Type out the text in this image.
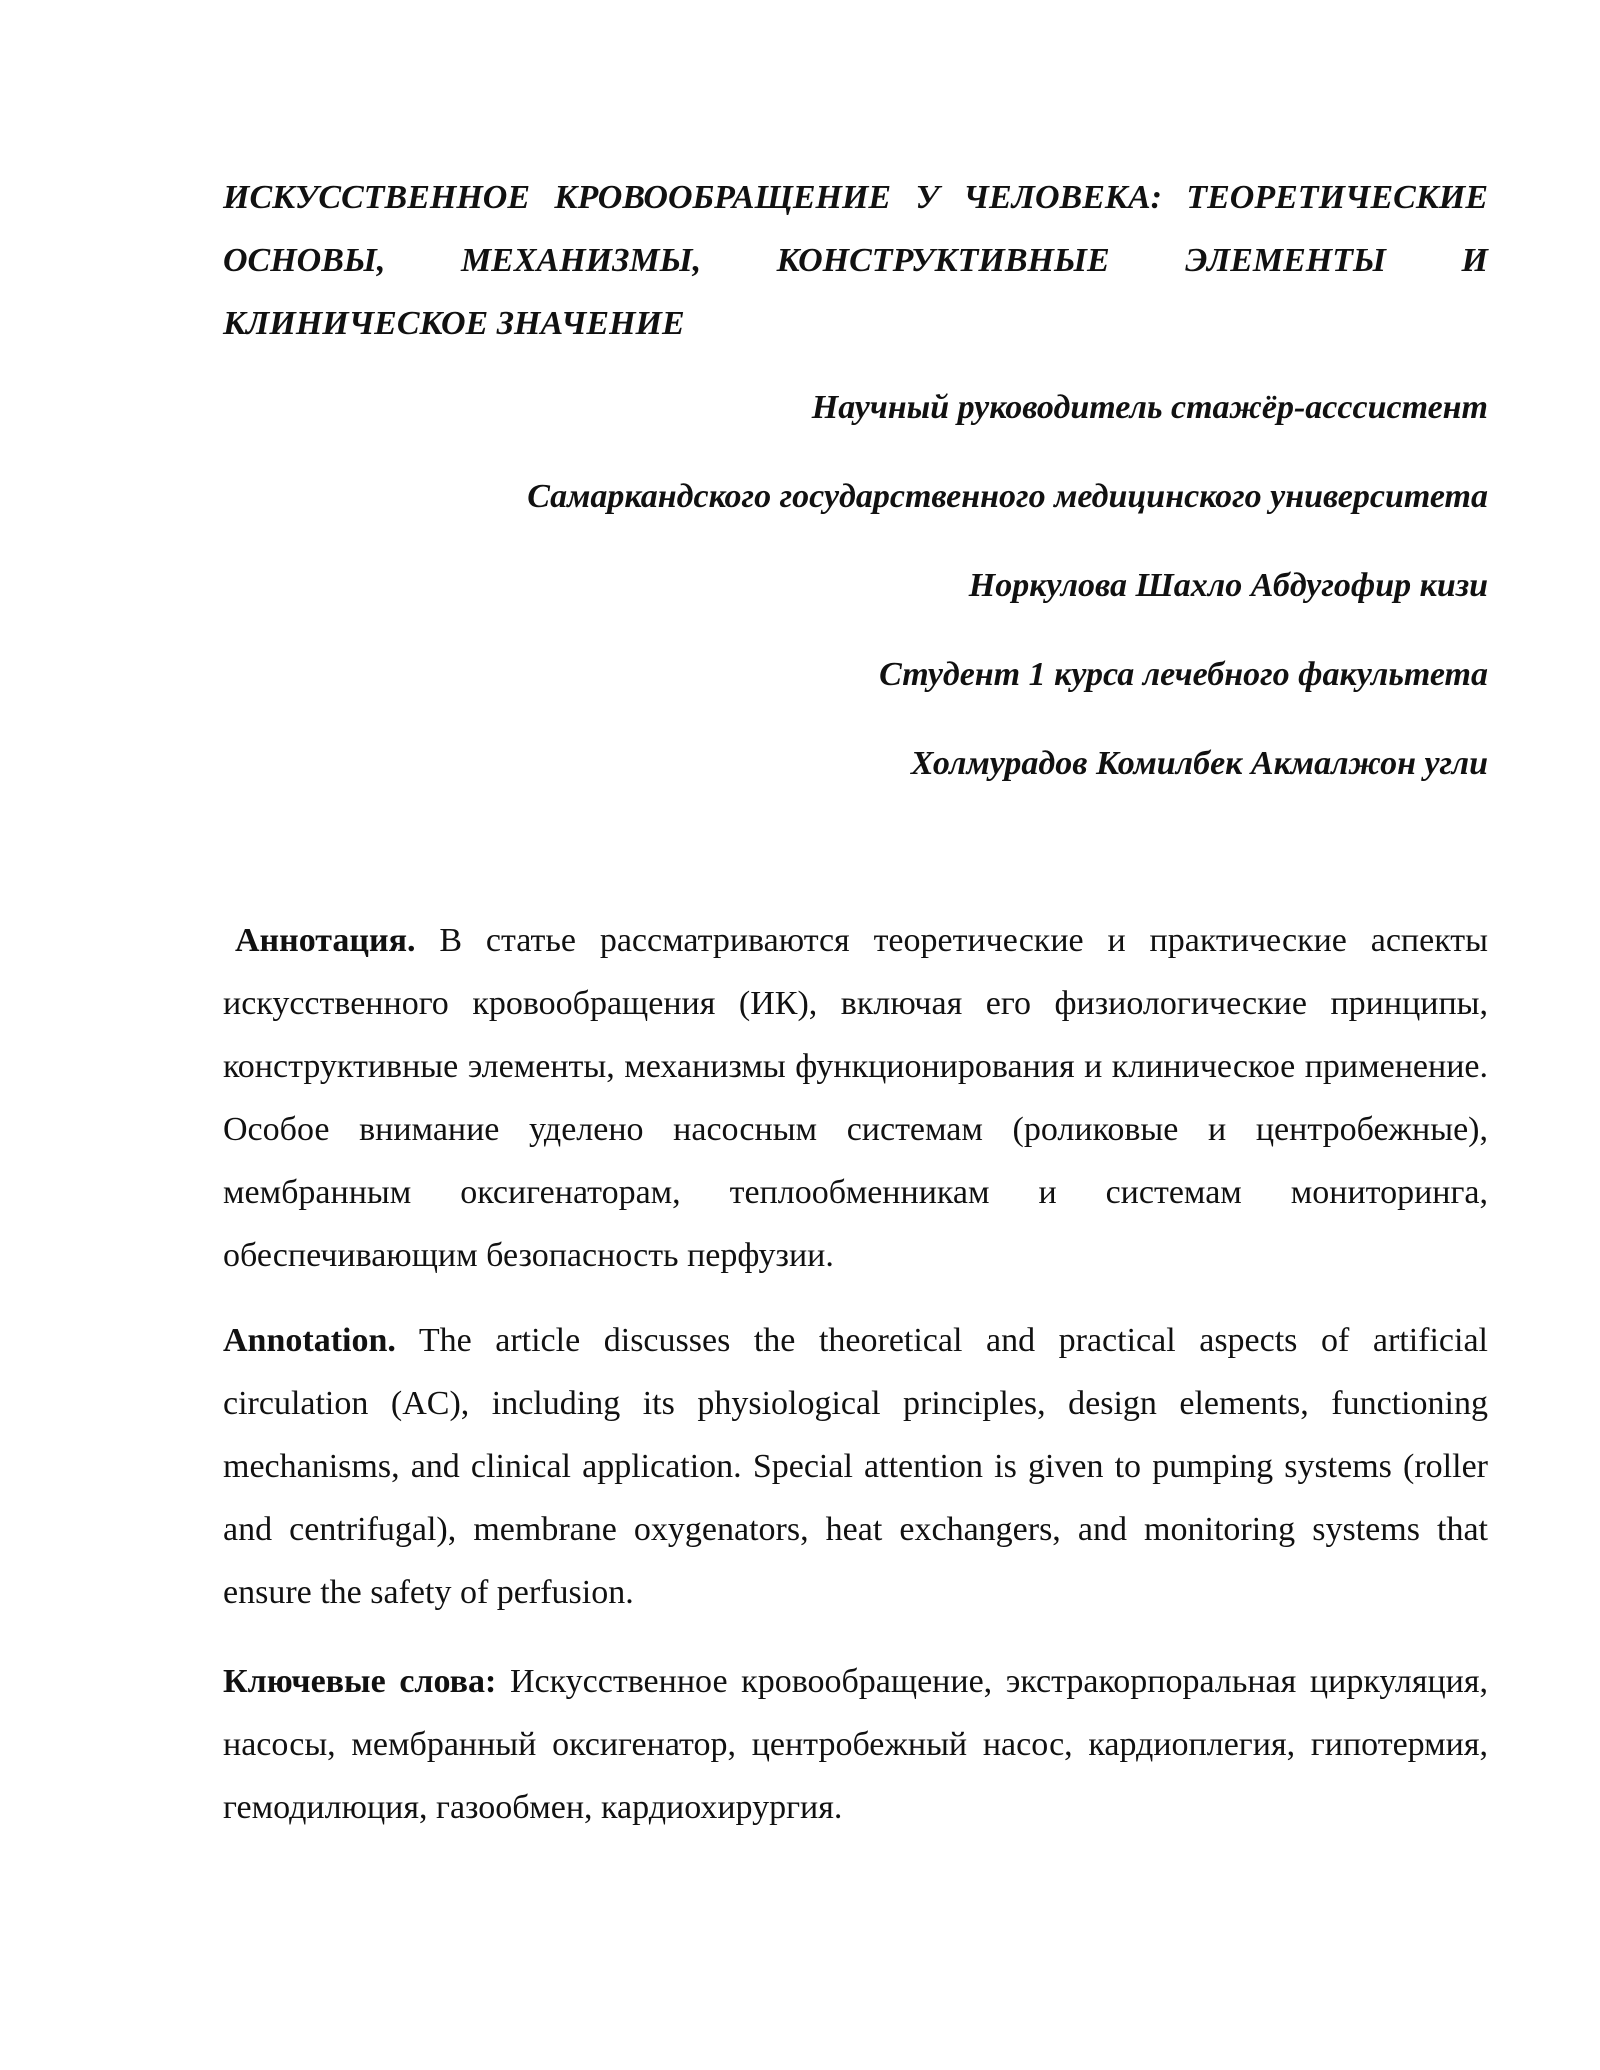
ИСКУССТВЕННОЕ КРОВООБРАЩЕНИЕ У ЧЕЛОВЕКА: ТЕОРЕТИЧЕСКИЕ ОСНОВЫ, МЕХАНИЗМЫ, КОНСТРУКТИВНЫЕ ЭЛЕМЕНТЫ И КЛИНИЧЕСКОЕ ЗНАЧЕНИЕ

Научный руководитель стажёр-асссистент
Самаркандского государственного медицинского университета
Норкулова Шахло Абдугофир кизи
Студент 1 курса лечебного факультета
Холмурадов Комилбек Акмалжон угли

Аннотация. В статье рассматриваются теоретические и практические аспекты искусственного кровообращения (ИК), включая его физиологические принципы, конструктивные элементы, механизмы функционирования и клиническое применение. Особое внимание уделено насосным системам (роликовые и центробежные), мембранным оксигенаторам, теплообменникам и системам мониторинга, обеспечивающим безопасность перфузии.

Annotation. The article discusses the theoretical and practical aspects of artificial circulation (AC), including its physiological principles, design elements, functioning mechanisms, and clinical application. Special attention is given to pumping systems (roller and centrifugal), membrane oxygenators, heat exchangers, and monitoring systems that ensure the safety of perfusion.

Ключевые слова: Искусственное кровообращение, экстракорпоральная циркуляция, насосы, мембранный оксигенатор, центробежный насос, кардиоплегия, гипотермия, гемодилюция, газообмен, кардиохирургия.
